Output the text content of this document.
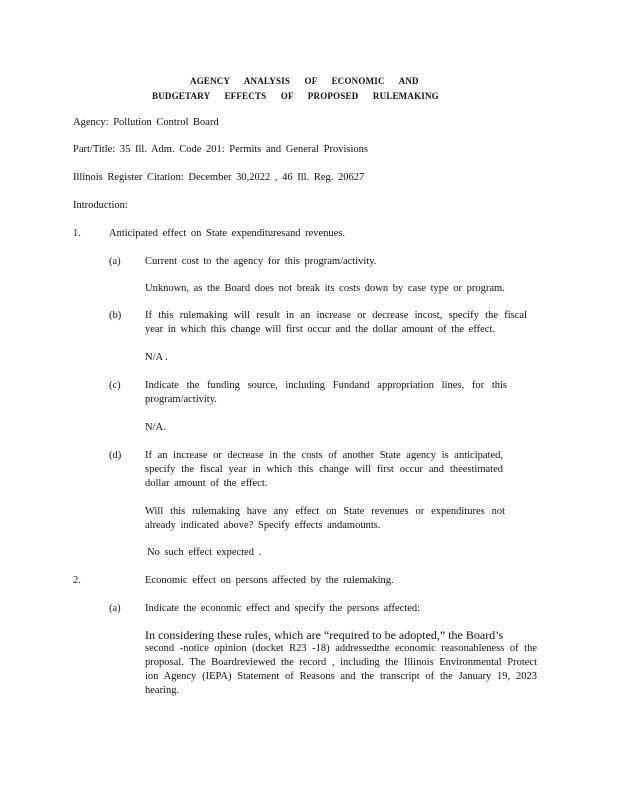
AGENCY ANALYSIS OF ECONOMIC AND
BUDGETARY EFFECTS OF PROPOSED RULEMAKING
Agency: Pollution Control Board
Part/Title: 35 Ill. Adm. Code 201: Permits and General Provisions
Illinois Register Citation: December 30,2022 , 46 Ill. Reg. 20627
Introduction:
1.	Anticipated effect on State expendituresand revenues.
(a) Current cost to the agency for this program/activity.
Unknown, as the Board does not break its costs down by case type or program.
(b) If this rulemaking will result in an increase or decrease incost, specify the fiscal year in which this change will first occur and the dollar amount of the effect.
N/A .
(c) Indicate the funding source, including Fundand appropriation lines, for this program/activity.
N/A.
(d) If an increase or decrease in the costs of another State agency is anticipated, specify the fiscal year in which this change will first occur and theestimated dollar amount of the effect.
Will this rulemaking have any effect on State revenues or expenditures not already indicated above? Specify effects andamounts.
No such effect expected .
2.	Economic effect on persons affected by the rulemaking.
(a) Indicate the economic effect and specify the persons affected:
In considering these rules, which are “required to be adopted,” the Board’s
second -notice opinion (docket R23 -18) addressedthe economic reasonableness of the proposal. The Boardreviewed the record , including the Illinois Environmental Protect ion Agency (IEPA) Statement of Reasons and the transcript of the January 19, 2023 hearing.
